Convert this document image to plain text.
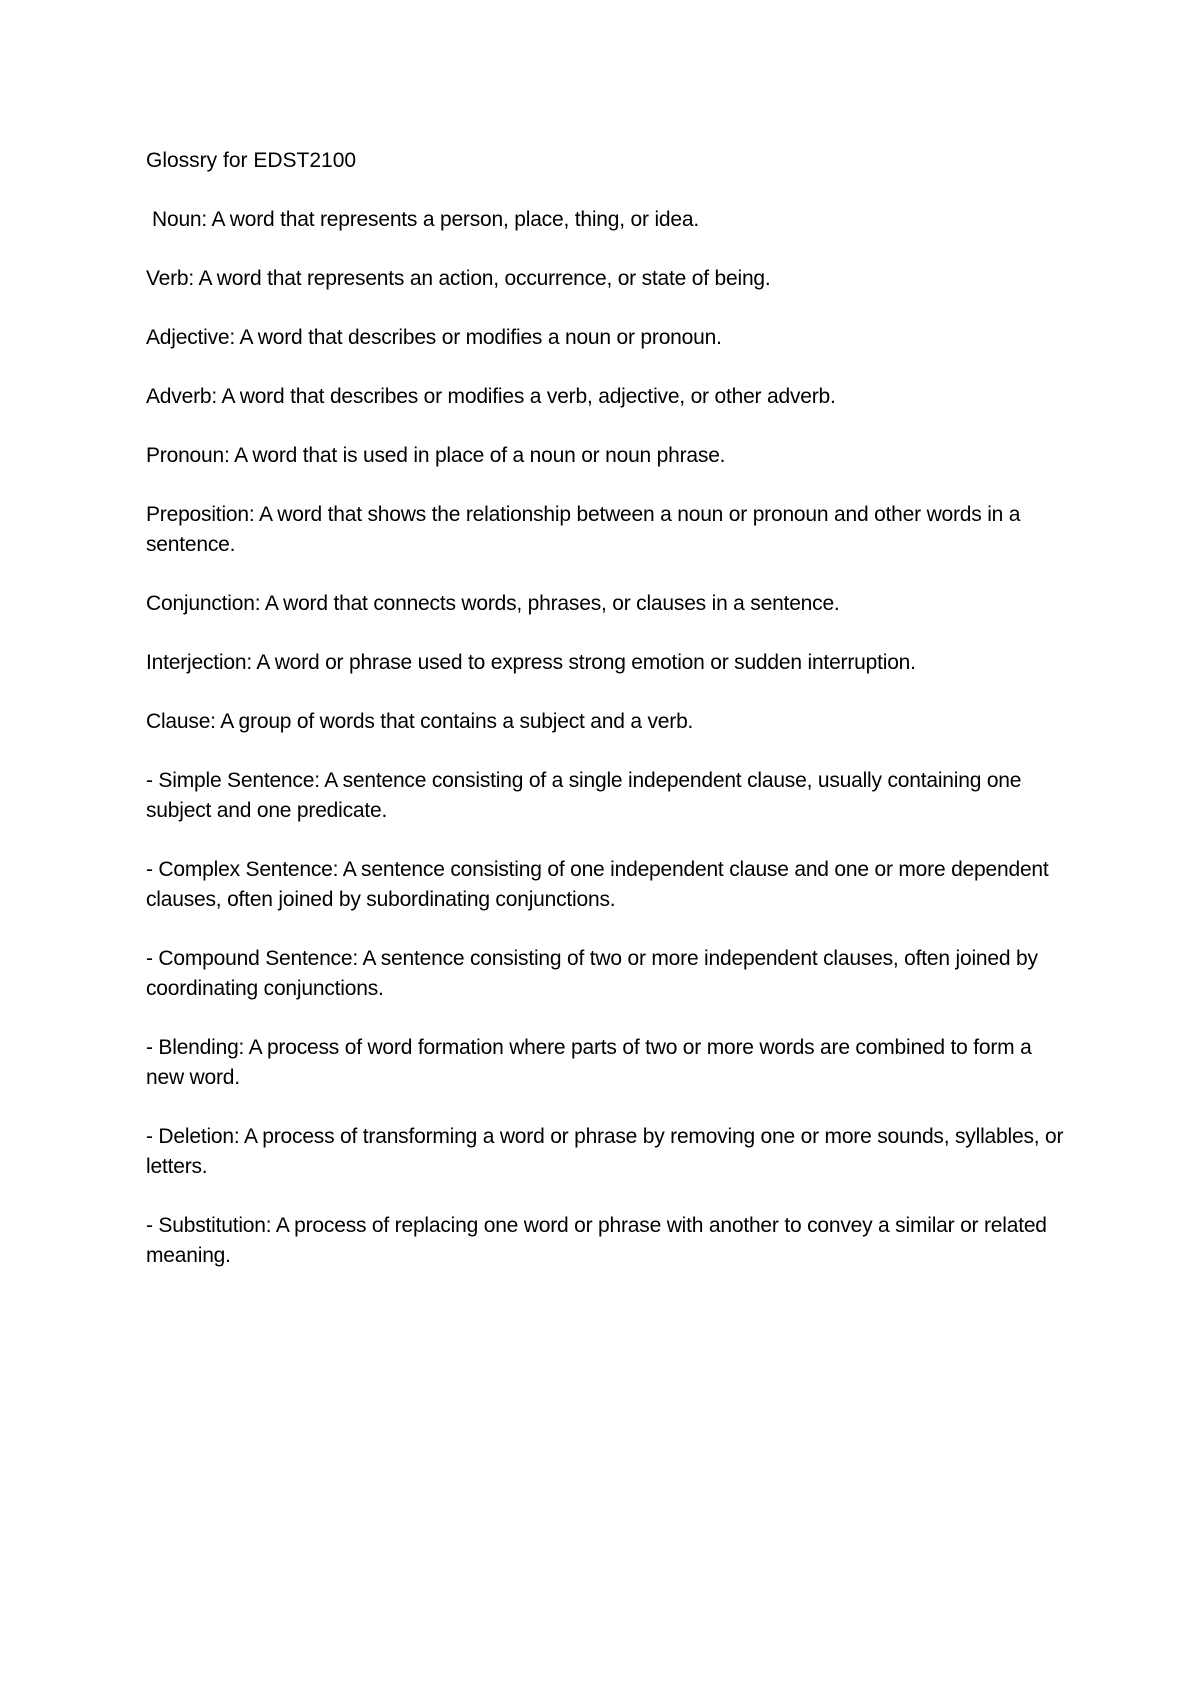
Glossry for EDST2100

Noun: A word that represents a person, place, thing, or idea.

Verb: A word that represents an action, occurrence, or state of being.

Adjective: A word that describes or modifies a noun or pronoun.

Adverb: A word that describes or modifies a verb, adjective, or other adverb.

Pronoun: A word that is used in place of a noun or noun phrase.

Preposition: A word that shows the relationship between a noun or pronoun and other words in a sentence.

Conjunction: A word that connects words, phrases, or clauses in a sentence.

Interjection: A word or phrase used to express strong emotion or sudden interruption.

Clause: A group of words that contains a subject and a verb.

- Simple Sentence: A sentence consisting of a single independent clause, usually containing one subject and one predicate.

- Complex Sentence: A sentence consisting of one independent clause and one or more dependent clauses, often joined by subordinating conjunctions.

- Compound Sentence: A sentence consisting of two or more independent clauses, often joined by coordinating conjunctions.

- Blending: A process of word formation where parts of two or more words are combined to form a new word.

- Deletion: A process of transforming a word or phrase by removing one or more sounds, syllables, or letters.

- Substitution: A process of replacing one word or phrase with another to convey a similar or related meaning.
